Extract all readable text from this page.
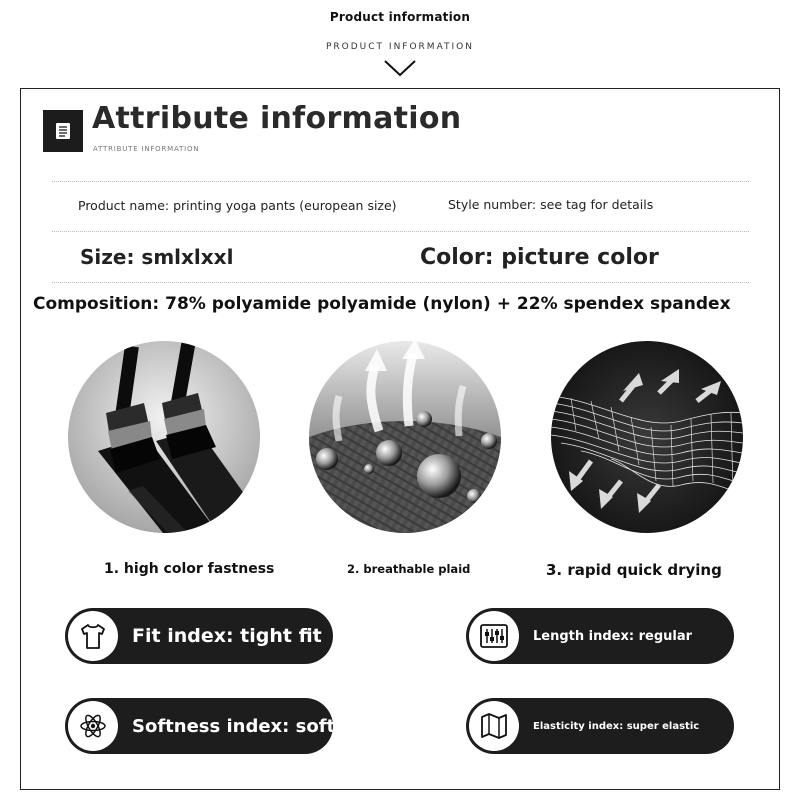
Product information
PRODUCT INFORMATION
Attribute information
ATTRIBUTE INFORMATION
Product name: printing yoga pants (european size)	Style number: see tag for details
Size: smlxlxxl	Color: picture color
Composition: 78% polyamide polyamide (nylon) + 22% spendex spandex
1. high color fastness	2. breathable plaid	3. rapid quick drying
Fit index: tight fit	Length index: regular
Softness index: soft	Elasticity index: super elastic
